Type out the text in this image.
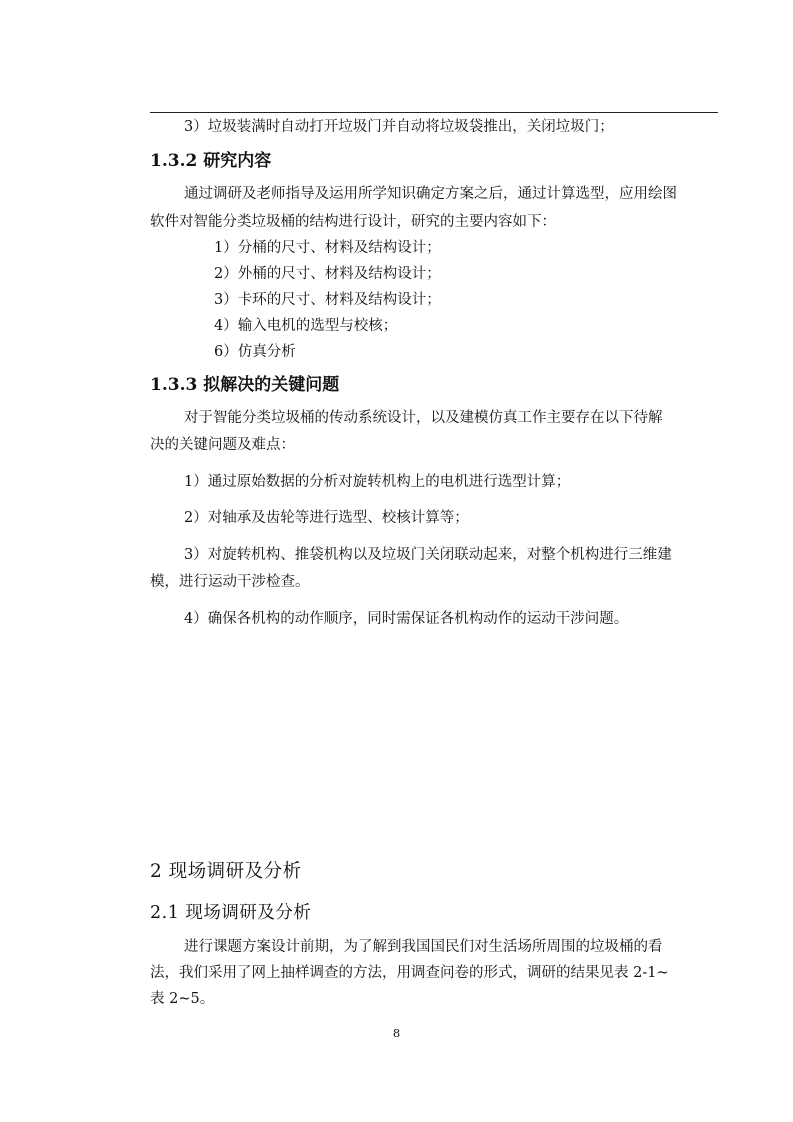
3）垃圾装满时自动打开垃圾门并自动将垃圾袋推出，关闭垃圾门；
1.3.2 研究内容
通过调研及老师指导及运用所学知识确定方案之后，通过计算选型，应用绘图
软件对智能分类垃圾桶的结构进行设计，研究的主要内容如下：
1）分桶的尺寸、材料及结构设计；
2）外桶的尺寸、材料及结构设计；
3）卡环的尺寸、材料及结构设计；
4）输入电机的选型与校核；
6）仿真分析
1.3.3 拟解决的关键问题
对于智能分类垃圾桶的传动系统设计，以及建模仿真工作主要存在以下待解
决的关键问题及难点：
1）通过原始数据的分析对旋转机构上的电机进行选型计算；
2）对轴承及齿轮等进行选型、校核计算等；
3）对旋转机构、推袋机构以及垃圾门关闭联动起来，对整个机构进行三维建
模，进行运动干涉检查。
4）确保各机构的动作顺序，同时需保证各机构动作的运动干涉问题。
2 现场调研及分析
2.1 现场调研及分析
进行课题方案设计前期，为了解到我国国民们对生活场所周围的垃圾桶的看
法，我们采用了网上抽样调查的方法，用调查问卷的形式，调研的结果见表 2-1~
表 2~5。
8
